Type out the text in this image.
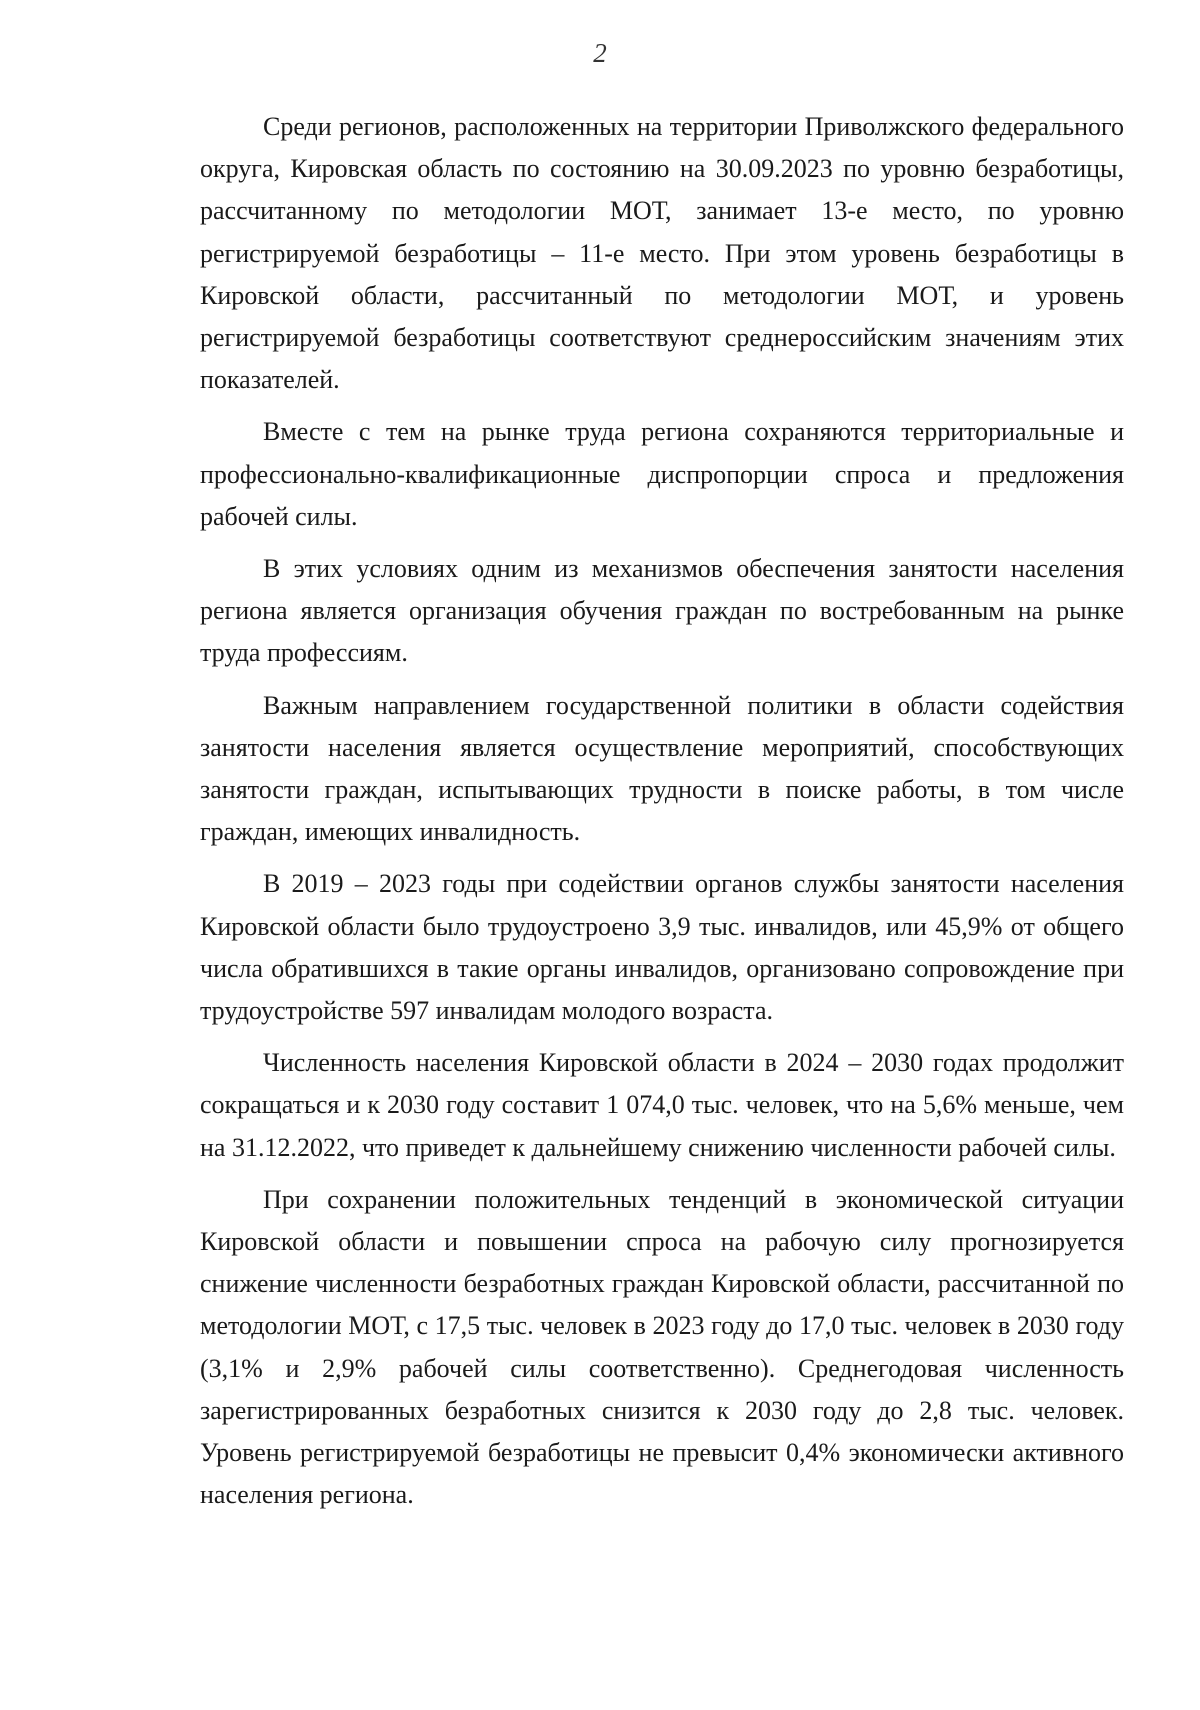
2

Среди регионов, расположенных на территории Приволжского федерального округа, Кировская область по состоянию на 30.09.2023 по уровню безработицы, рассчитанному по методологии МОТ, занимает 13-е место, по уровню регистрируемой безработицы – 11-е место. При этом уровень безработицы в Кировской области, рассчитанный по методологии МОТ, и уровень регистрируемой безработицы соответствуют среднероссийским значениям этих показателей.

Вместе с тем на рынке труда региона сохраняются территориальные и профессионально-квалификационные диспропорции спроса и предложения рабочей силы.

В этих условиях одним из механизмов обеспечения занятости населения региона является организация обучения граждан по востребованным на рынке труда профессиям.

Важным направлением государственной политики в области содействия занятости населения является осуществление мероприятий, способствующих занятости граждан, испытывающих трудности в поиске работы, в том числе граждан, имеющих инвалидность.

В 2019 – 2023 годы при содействии органов службы занятости населения Кировской области было трудоустроено 3,9 тыс. инвалидов, или 45,9% от общего числа обратившихся в такие органы инвалидов, организовано сопровождение при трудоустройстве 597 инвалидам молодого возраста.

Численность населения Кировской области в 2024 – 2030 годах продолжит сокращаться и к 2030 году составит 1 074,0 тыс. человек, что на 5,6% меньше, чем на 31.12.2022, что приведет к дальнейшему снижению численности рабочей силы.

При сохранении положительных тенденций в экономической ситуации Кировской области и повышении спроса на рабочую силу прогнозируется снижение численности безработных граждан Кировской области, рассчитанной по методологии МОТ, с 17,5 тыс. человек в 2023 году до 17,0 тыс. человек в 2030 году (3,1% и 2,9% рабочей силы соответственно). Среднегодовая численность зарегистрированных безработных снизится к 2030 году до 2,8 тыс. человек. Уровень регистрируемой безработицы не превысит 0,4% экономически активного населения региона.
